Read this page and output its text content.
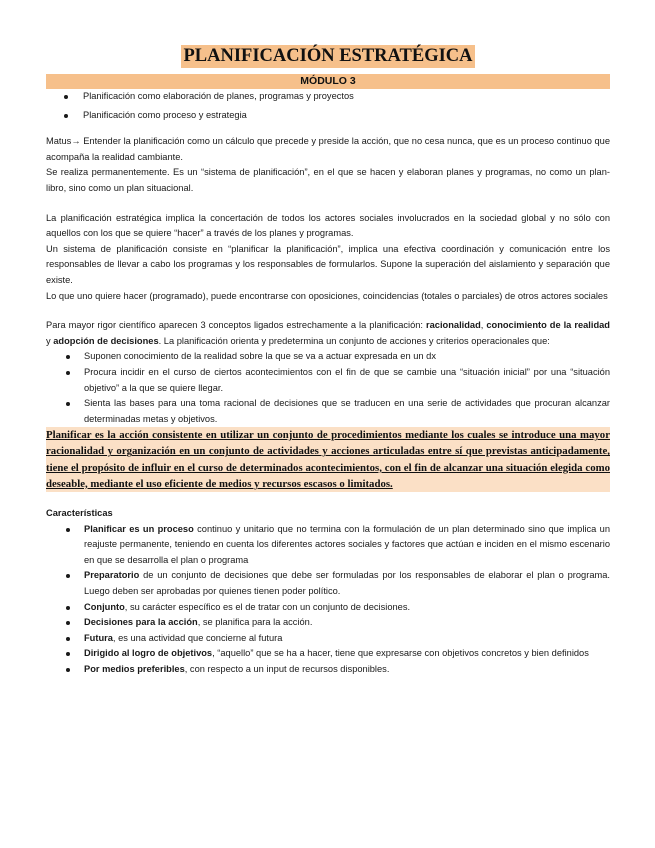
PLANIFICACIÓN ESTRATÉGICA
MÓDULO 3
Planificación como elaboración de planes, programas y proyectos
Planificación como proceso y estrategia

Matus→ Entender la planificación como un cálculo que precede y preside la acción, que no cesa nunca, que es un proceso continuo que acompaña la realidad cambiante.

Se realiza permanentemente. Es un “sistema de planificación”, en el que se hacen y elaboran planes y programas, no como un plan-libro, sino como un plan situacional.

La planificación estratégica implica la concertación de todos los actores sociales involucrados en la sociedad global y no sólo con aquellos con los que se quiere “hacer” a través de los planes y programas.

Un sistema de planificación consiste en “planificar la planificación”, implica una efectiva coordinación y comunicación entre los responsables de llevar a cabo los programas y los responsables de formularlos. Supone la superación del aislamiento y separación que existe.

Lo que uno quiere hacer (programado), puede encontrarse con oposiciones, coincidencias (totales o parciales) de otros actores sociales

Para mayor rigor científico aparecen 3 conceptos ligados estrechamente a la planificación: racionalidad, conocimiento de la realidad y adopción de decisiones. La planificación orienta y predetermina un conjunto de acciones y criterios operacionales que:

Suponen conocimiento de la realidad sobre la que se va a actuar expresada en un dx
Procura incidir en el curso de ciertos acontecimientos con el fin de que se cambie una “situación inicial” por una “situación objetivo” a la que se quiere llegar.
Sienta las bases para una toma racional de decisiones que se traducen en una serie de actividades que procuran alcanzar determinadas metas y objetivos.

Planificar es la acción consistente en utilizar un conjunto de procedimientos mediante los cuales se introduce una mayor racionalidad y organización en un conjunto de actividades y acciones articuladas entre sí que previstas anticipadamente, tiene el propósito de influir en el curso de determinados acontecimientos, con el fin de alcanzar una situación elegida como deseable, mediante el uso eficiente de medios y recursos escasos o limitados.

Características

Planificar es un proceso continuo y unitario que no termina con la formulación de un plan determinado sino que implica un reajuste permanente, teniendo en cuenta los diferentes actores sociales y factores que actúan e inciden en el mismo escenario en que se desarrolla el plan o programa
Preparatorio de un conjunto de decisiones que debe ser formuladas por los responsables de elaborar el plan o programa. Luego deben ser aprobadas por quienes tienen poder político.
Conjunto, su carácter específico es el de tratar con un conjunto de decisiones.
Decisiones para la acción, se planifica para la acción.
Futura, es una actividad que concierne al futura
Dirigido al logro de objetivos, “aquello” que se ha a hacer, tiene que expresarse con objetivos concretos y bien definidos
Por medios preferibles, con respecto a un input de recursos disponibles.
